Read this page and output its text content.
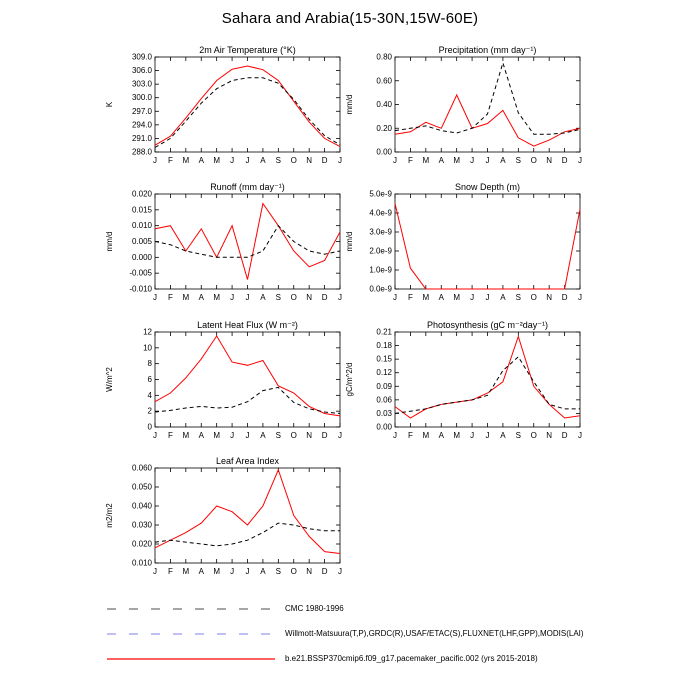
Sahara and Arabia(15-30N,15W-60E)
2m Air Temperature (°K)
K
288.0
291.0
294.0
297.0
300.0
303.0
306.0
309.0
J F M A M J J A S O N D J
Precipitation (mm day⁻¹)
mm/d
0.00
0.20
0.40
0.60
0.80
J F M A M J J A S O N D J
Runoff (mm day⁻¹)
mm/d
-0.010
-0.005
0.000
0.005
0.010
0.015
0.020
J F M A M J J A S O N D J
Snow Depth (m)
mm/d
0.0e-9
1.0e-9
2.0e-9
3.0e-9
4.0e-9
5.0e-9
J F M A M J J A S O N D J
Latent Heat Flux (W m⁻²)
W/m^2
0
2
4
6
8
10
12
J F M A M J J A S O N D J
Photosynthesis (gC m⁻²day⁻¹)
gC/m^2/d
0.00
0.03
0.06
0.09
0.12
0.15
0.18
0.21
J F M A M J J A S O N D J
Leaf Area Index
m2/m2
0.010
0.020
0.030
0.040
0.050
0.060
J F M A M J J A S O N D J
CMC 1980-1996
Willmott-Matsuura(T,P),GRDC(R),USAF/ETAC(S),FLUXNET(LHF,GPP),MODIS(LAI)
b.e21.BSSP370cmip6.f09_g17.pacemaker_pacific.002 (yrs 2015-2018)
